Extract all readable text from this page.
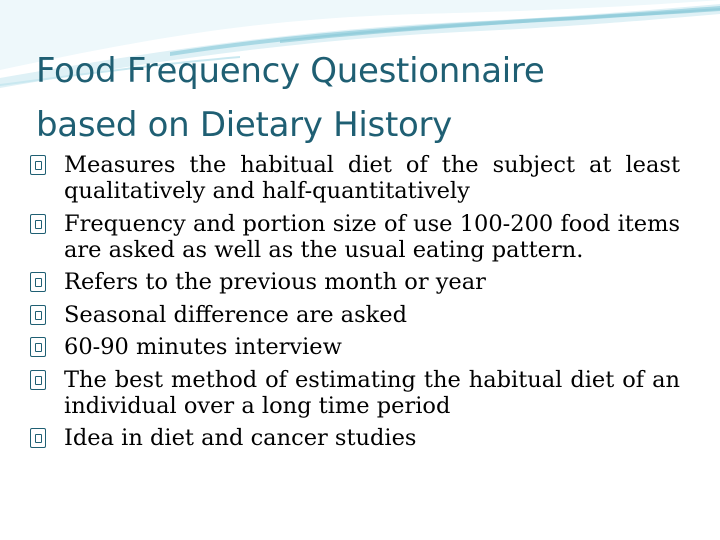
Food Frequency Questionnaire
based on Dietary History
Measures the habitual diet of the subject at least qualitatively and half-quantitatively
Frequency and portion size of use 100-200 food items are asked as well as the usual eating pattern.
Refers to the previous month or year
Seasonal difference are asked
60-90 minutes interview
The best method of estimating the habitual diet of an individual over a long time period
Idea in diet and cancer studies
